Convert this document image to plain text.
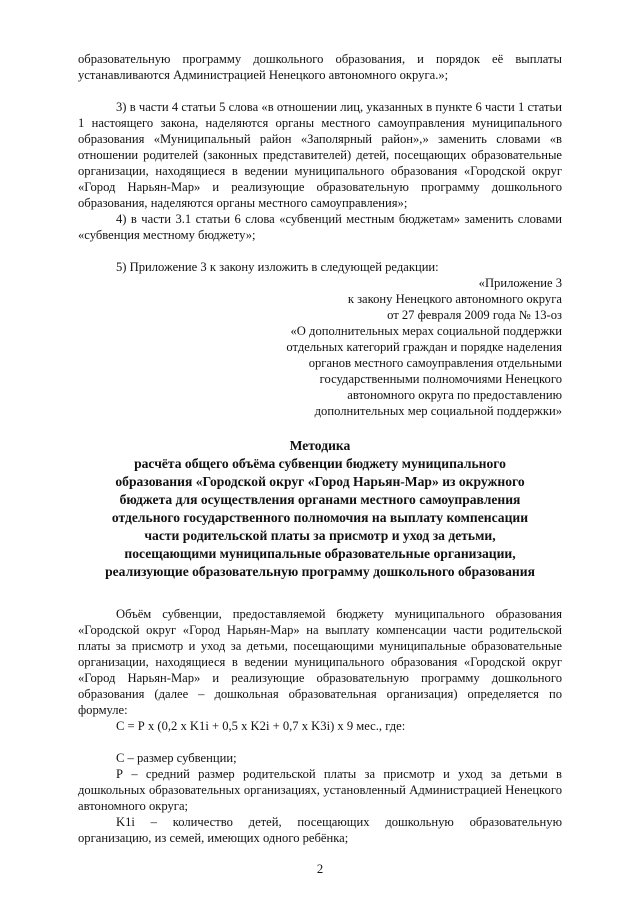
образовательную программу дошкольного образования, и порядок её выплаты устанавливаются Администрацией Ненецкого автономного округа.»;
3) в части 4 статьи 5 слова «в отношении лиц, указанных в пункте 6 части 1 статьи 1 настоящего закона, наделяются органы местного самоуправления муниципального образования «Муниципальный район «Заполярный район»,» заменить словами «в отношении родителей (законных представителей) детей, посещающих образовательные организации, находящиеся в ведении муниципального образования «Городской округ «Город Нарьян-Мар» и реализующие образовательную программу дошкольного образования, наделяются органы местного самоуправления»;
4) в части 3.1 статьи 6 слова «субвенций местным бюджетам» заменить словами «субвенция местному бюджету»;
5) Приложение 3 к закону изложить в следующей редакции:
«Приложение 3
к закону Ненецкого автономного округа
от 27 февраля 2009 года № 13-оз
«О дополнительных мерах социальной поддержки
отдельных категорий граждан и порядке наделения
органов местного самоуправления отдельными
государственными полномочиями Ненецкого
автономного округа по предоставлению
дополнительных мер социальной поддержки»
Методика
расчёта общего объёма субвенции бюджету муниципального
образования «Городской округ «Город Нарьян-Мар» из окружного
бюджета для осуществления органами местного самоуправления
отдельного государственного полномочия на выплату компенсации
части родительской платы за присмотр и уход за детьми,
посещающими муниципальные образовательные организации,
реализующие образовательную программу дошкольного образования
Объём субвенции, предоставляемой бюджету муниципального образования «Городской округ «Город Нарьян-Мар» на выплату компенсации части родительской платы за присмотр и уход за детьми, посещающими муниципальные образовательные организации, находящиеся в ведении муниципального образования «Городской округ «Город Нарьян-Мар» и реализующие образовательную программу дошкольного образования (далее – дошкольная образовательная организация) определяется по формуле:
С = Р х (0,2 х K1i + 0,5 х K2i + 0,7 х K3i) х 9 мес., где:
С – размер субвенции;
Р – средний размер родительской платы за присмотр и уход за детьми в дошкольных образовательных организациях, установленный Администрацией Ненецкого автономного округа;
K1i – количество детей, посещающих дошкольную образовательную организацию, из семей, имеющих одного ребёнка;
2
